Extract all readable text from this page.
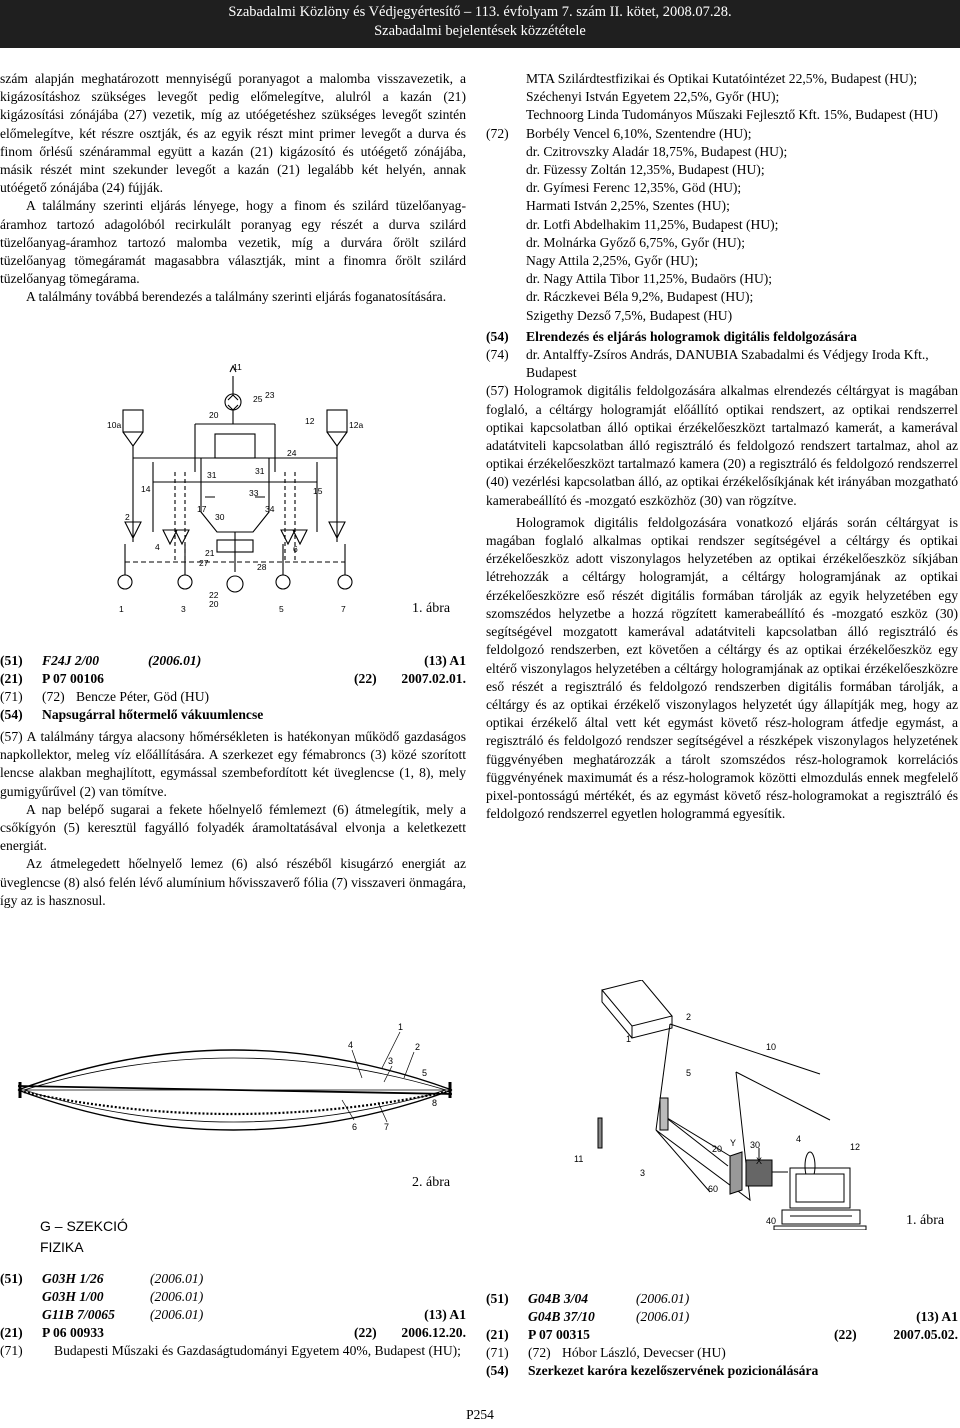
Szabadalmi Közlöny és Védjegyértesítő – 113. évfolyam 7. szám II. kötet, 2008.07.28.
Szabadalmi bejelentések közzététele

szám alapján meghatározott mennyiségű poranyagot a malomba visszavezetik, a kigázosításhoz szükséges levegőt pedig előmelegítve, alulról a kazán (21) kigázosítási zónájába (27) vezetik, míg az utóégetéshez szükséges levegőt szintén előmelegítve, két részre osztják, és az egyik részt mint primer levegőt a durva és finom őrlésű szénárammal együtt a kazán (21) kigázosító és utóégető zónájába, másik részét mint szekunder levegőt a kazán (21) legalább két helyén, annak utóégető zónájába (24) fújják.

A találmány szerinti eljárás lényege, hogy a finom és szilárd tüzelőanyag-áramhoz tartozó adagolóból recirkulált poranyag egy részét a durva szilárd tüzelőanyag-áramhoz tartozó malomba vezetik, míg a durvára őrölt szilárd tüzelőanyag tömegáramát magasabbra választják, mint a finomra őrölt szilárd tüzelőanyag tömegárama.

A találmány továbbá berendezés a találmány szerinti eljárás foganatosítására.

10a
20
25 23
12	12a
11
24
31	31
14	33	15
2
17
30
34
4	6
21
27	28
22
20
1	3	5	7	1. ábra
(51) F24J 2/00	(2006.01)	(13) A1
(21) P 07 00106	(22) 2007.02.01.
(71) (72) Bencze Péter, Göd (HU)
(54) Napsugárral hőtermelő vákuumlencse

(57) A találmány tárgya alacsony hőmérsékleten is hatékonyan működő gazdaságos napkollektor, meleg víz előállítására. A szerkezet egy fémabroncs (3) közé szorított lencse alakban meghajlított, egymással szembefordított két üveglencse (1, 8), mely gumigyűrűvel (2) van tömítve.

A nap belépő sugarai a fekete hőelnyelő fémlemezt (6) átmelegítik, mely a csőkígyón (5) keresztül fagyálló folyadék áramoltatásával elvonja a keletkezett energiát.

Az átmelegedett hőelnyelő lemez (6) alsó részéből kisugárzó energiát az üveglencse (8) alsó felén lévő alumínium hővisszaverő fólia (7) visszaveri önmagára, így az is hasznosul.

1
2
3
4
5
6	7
8
2. ábra
G – SZEKCIÓ
FIZIKA
(51) G03H 1/26	(2006.01)
G03H 1/00	(2006.01)
G11B 7/0065	(2006.01)	(13) A1
(21) P 06 00933	(22) 2006.12.20.
(71) Budapesti Műszaki és Gazdaságtudományi Egyetem 40%, Budapest (HU);
MTA Szilárdtestfizikai és Optikai Kutatóintézet 22,5%, Budapest (HU);
Széchenyi István Egyetem 22,5%, Győr (HU);
Technoorg Linda Tudományos Műszaki Fejlesztő Kft. 15%, Budapest (HU)
(72) Borbély Vencel 6,10%, Szentendre (HU);
dr. Czitrovszky Aladár 18,75%, Budapest (HU);
dr. Füzessy Zoltán 12,35%, Budapest (HU);
dr. Gyímesi Ferenc 12,35%, Göd (HU);
Harmati István 2,25%, Szentes (HU);
dr. Lotfi Abdelhakim 11,25%, Budapest (HU);
dr. Molnárka Győző 6,75%, Győr (HU);
Nagy Attila 2,25%, Győr (HU);
dr. Nagy Attila Tibor 11,25%, Budaörs (HU);
dr. Ráczkevei Béla 9,2%, Budapest (HU);
Szigethy Dezső 7,5%, Budapest (HU)
(54) Elrendezés és eljárás hologramok digitális feldolgozására
(74) dr. Antalffy-Zsíros András, DANUBIA Szabadalmi és Védjegy Iroda Kft., Budapest

(57) Hologramok digitális feldolgozására alkalmas elrendezés céltárgyat is magában foglaló, a céltárgy hologramját előállító optikai rendszert, az optikai rendszerrel optikai kapcsolatban álló optikai érzékelőeszközt tartalmazó kamerát, a kamerával adatátviteli kapcsolatban álló regisztráló és feldolgozó rendszert tartalmaz, ahol az optikai érzékelőeszközt tartalmazó kamera (20) a regisztráló és feldolgozó rendszerrel (40) vezérlési kapcsolatban álló, az optikai érzékelősíkjának két irányában mozgatható kamerabeállító és -mozgató eszközhöz (30) van rögzítve.

Hologramok digitális feldolgozására vonatkozó eljárás során céltárgyat is magában foglaló alkalmas optikai rendszer segítségével a céltárgy és optikai érzékelőeszköz adott viszonylagos helyzetében az optikai érzékelőeszköz síkjában létrehozzák a céltárgy hologramját, a céltárgy hologramjának az optikai érzékelőeszközre eső részét digitális formában tárolják az egyik helyzetében egy szomszédos helyzetbe a hozzá rögzített kamerabeállító és -mozgató eszköz (30) segítségével mozgatott kamerával adatátviteli kapcsolatban álló regisztráló és feldolgozó rendszerben, ezt követően a céltárgy és az optikai érzékelőeszköz egy eltérő viszonylagos helyzetében a céltárgy hologramjának az optikai érzékelőeszközre eső részét a regisztráló és feldolgozó rendszerben digitális formában tárolják, a céltárgy és az optikai érzékelő viszonylagos helyzetét úgy állapítják meg, hogy az optikai érzékelő által vett két egymást követő rész-hologram átfedje egymást, a regisztráló és feldolgozó rendszer segítségével a részképek viszonylagos helyzetének függvényében meghatározzák a tárolt szomszédos rész-hologramok korrelációs függvényének maximumát és a rész-hologramok közötti elmozdulás ennek megfelelő pixel-pontosságú mértékét, és az egymást követő rész-hologramokat a regisztráló és feldolgozó rendszerrel egyetlen hologrammá egyesítik.

1
2
10
5
11
3
20
Y 30
X
4
12
60
40	1. ábra
(51) G04B 3/04	(2006.01)
G04B 37/10	(2006.01)	(13) A1
(21) P 07 00315	(22)	2007.05.02.
(71) (72) Hóbor László, Devecser (HU)
(54) Szerkezet karóra kezelőszervének pozicionálására
P254
